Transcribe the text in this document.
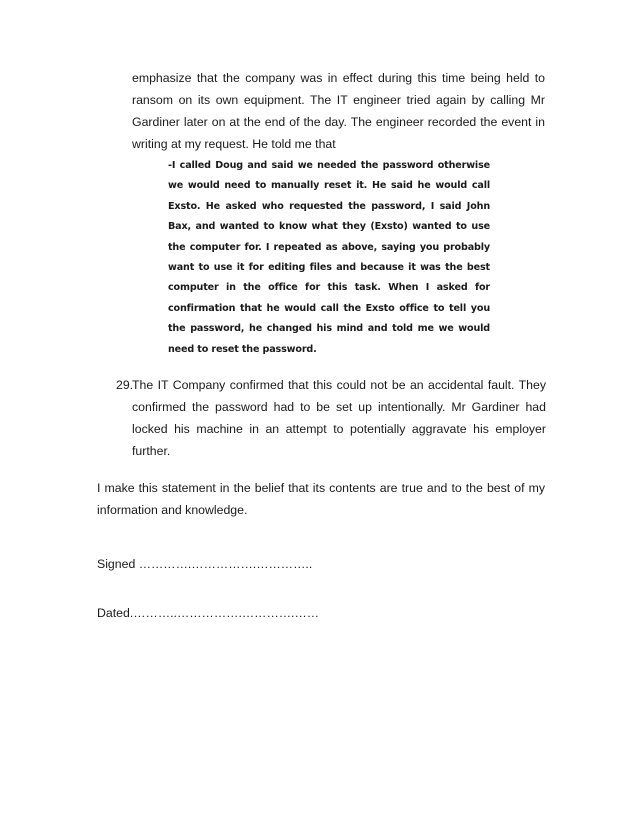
emphasize that the company was in effect during this time being held to ransom on its own equipment. The IT engineer tried again by calling Mr Gardiner later on at the end of the day. The engineer recorded the event in writing at my request. He told me that

-I called Doug and said we needed the password otherwise we would need to manually reset it. He said he would call Exsto. He asked who requested the password, I said John Bax, and wanted to know what they (Exsto) wanted to use the computer for. I repeated as above, saying you probably want to use it for editing files and because it was the best computer in the office for this task. When I asked for confirmation that he would call the Exsto office to tell you the password, he changed his mind and told me we would need to reset the password.

29.
The IT Company confirmed that this could not be an accidental fault. They confirmed the password had to be set up intentionally. Mr Gardiner had locked his machine in an attempt to potentially aggravate his employer further.

I make this statement in the belief that its contents are true and to the best of my information and knowledge.

Signed ………….…………….…………..

Dated.………..…………….………….……
